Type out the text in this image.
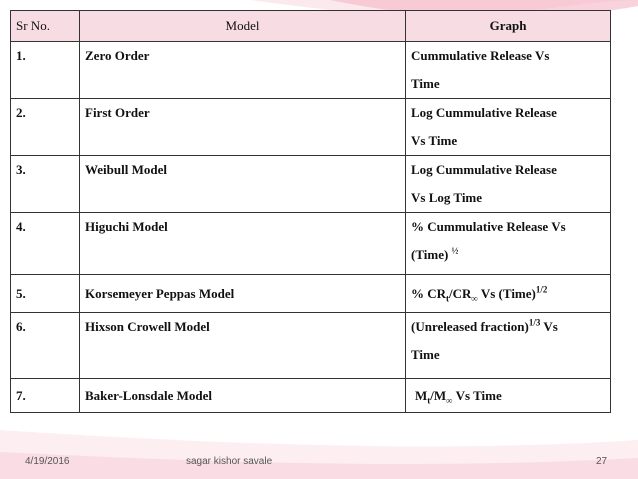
Sr No.	Model	Graph
1.	Zero Order	Cummulative Release Vs
Time
2.	First Order	Log Cummulative Release
Vs Time
3.	Weibull Model	Log Cummulative Release
Vs Log Time
4.	Higuchi Model	% Cummulative Release Vs
(Time) $^{\frac{1}{2}}$
5.	Korsemeyer Peppas Model	% $CR_t/CR_\infty$ Vs (Time)$^{1/2}$
6.	Hixson Crowell Model	(Unreleased fraction)$^{1/3}$ Vs
Time
7.	Baker-Lonsdale Model	$M_t/M_\infty$ Vs Time
4/19/2016	sagar kishor savale	27
